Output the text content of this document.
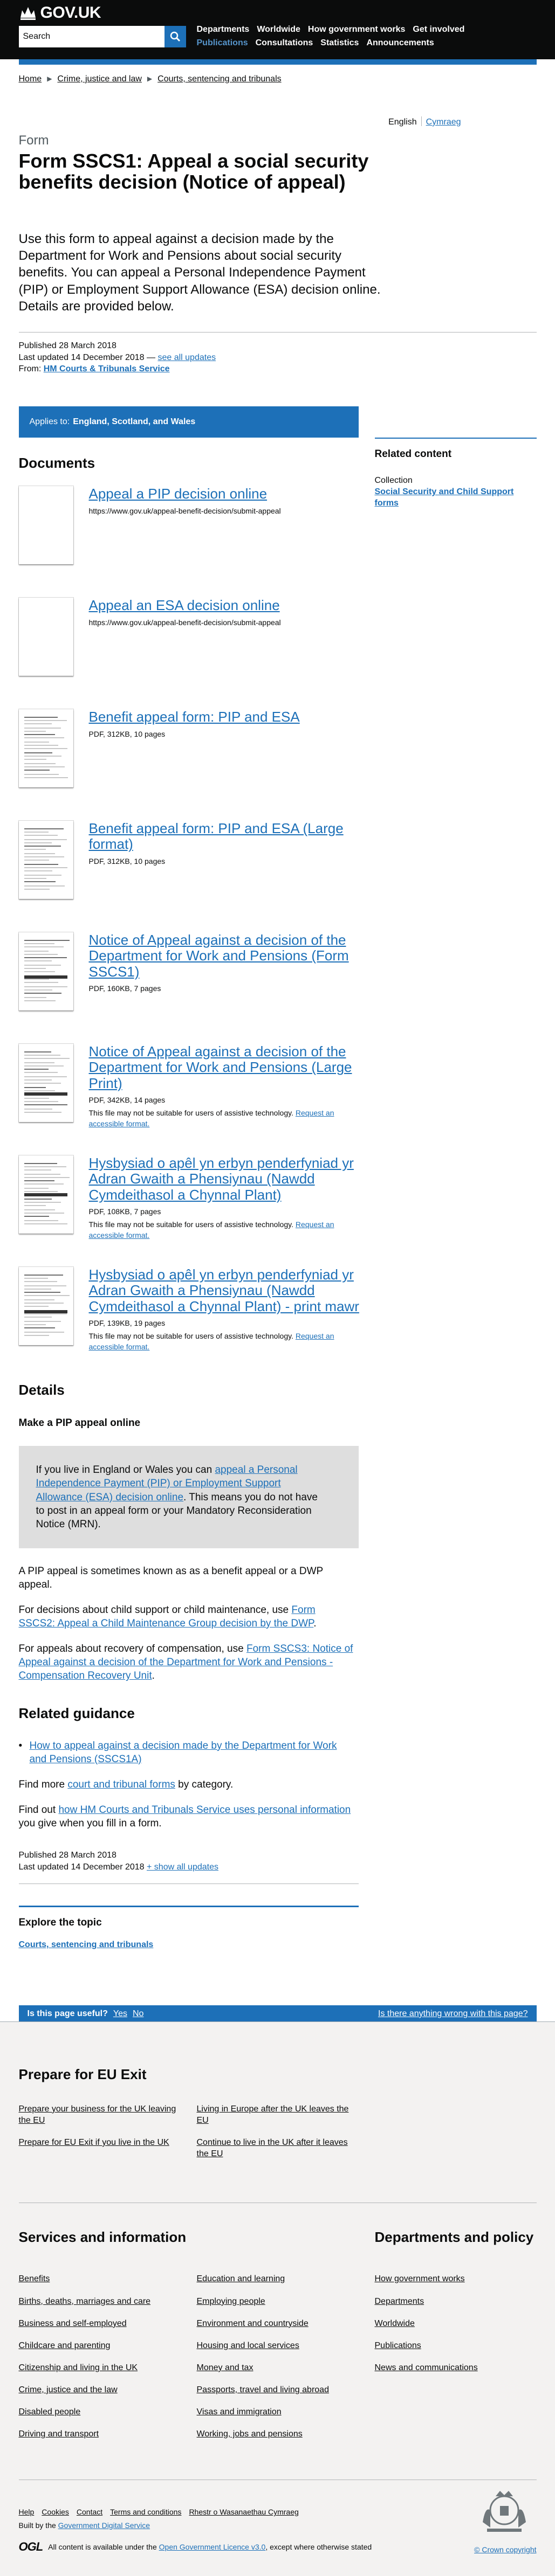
GOV.UK
Search
Departments Worldwide How government works Get involved
Publications Consultations Statistics Announcements
Home ▶ Crime, justice and law ▶ Courts, sentencing and tribunals
English Cymraeg
Form
Form SSCS1: Appeal a social security benefits decision (Notice of appeal)

Use this form to appeal against a decision made by the Department for Work and Pensions about social security benefits. You can appeal a Personal Independence Payment (PIP) or Employment Support Allowance (ESA) decision online. Details are provided below.

Published 28 March 2018
Last updated 14 December 2018 — see all updates
From: HM Courts & Tribunals Service
Related content
Collection
Social Security and Child Support forms
Applies to: England, Scotland, and Wales
Documents
Appeal a PIP decision online
https://www.gov.uk/appeal-benefit-decision/submit-appeal
Appeal an ESA decision online
https://www.gov.uk/appeal-benefit-decision/submit-appeal
Benefit appeal form: PIP and ESA
PDF, 312KB, 10 pages
Benefit appeal form: PIP and ESA (Large format)
PDF, 312KB, 10 pages
Notice of Appeal against a decision of the Department for Work and Pensions (Form SSCS1)
PDF, 160KB, 7 pages
Notice of Appeal against a decision of the Department for Work and Pensions (Large Print)
PDF, 342KB, 14 pages
This file may not be suitable for users of assistive technology. Request an accessible format.
Hysbysiad o apêl yn erbyn penderfyniad yr Adran Gwaith a Phensiynau (Nawdd Cymdeithasol a Chynnal Plant)
PDF, 108KB, 7 pages
This file may not be suitable for users of assistive technology. Request an accessible format.
Hysbysiad o apêl yn erbyn penderfyniad yr Adran Gwaith a Phensiynau (Nawdd Cymdeithasol a Chynnal Plant) - print mawr
PDF, 139KB, 19 pages
This file may not be suitable for users of assistive technology. Request an accessible format.
Details
Make a PIP appeal online

If you live in England or Wales you can appeal a Personal Independence Payment (PIP) or Employment Support Allowance (ESA) decision online. This means you do not have to post in an appeal form or your Mandatory Reconsideration Notice (MRN).

A PIP appeal is sometimes known as as a benefit appeal or a DWP appeal.

For decisions about child support or child maintenance, use Form SSCS2: Appeal a Child Maintenance Group decision by the DWP.

For appeals about recovery of compensation, use Form SSCS3: Notice of Appeal against a decision of the Department for Work and Pensions - Compensation Recovery Unit.

Related guidance
• How to appeal against a decision made by the Department for Work and Pensions (SSCS1A)

Find more court and tribunal forms by category.

Find out how HM Courts and Tribunals Service uses personal information you give when you fill in a form.

Published 28 March 2018
Last updated 14 December 2018 + show all updates
Explore the topic
Courts, sentencing and tribunals
Is this page useful? Yes No	Is there anything wrong with this page?
Prepare for EU Exit
Prepare your business for the UK leaving the EU
Prepare for EU Exit if you live in the UK
Living in Europe after the UK leaves the EU
Continue to live in the UK after it leaves the EU
Services and information
Benefits
Births, deaths, marriages and care
Business and self-employed
Childcare and parenting
Citizenship and living in the UK
Crime, justice and the law
Disabled people
Driving and transport
Education and learning
Employing people
Environment and countryside
Housing and local services
Money and tax
Passports, travel and living abroad
Visas and immigration
Working, jobs and pensions
Departments and policy
How government works
Departments
Worldwide
Publications
News and communications
Help Cookies Contact Terms and conditions Rhestr o Wasanaethau Cymraeg
Built by the Government Digital Service
OGL All content is available under the
Open Government Licence v3.0 , except where otherwise stated	© Crown copyright
